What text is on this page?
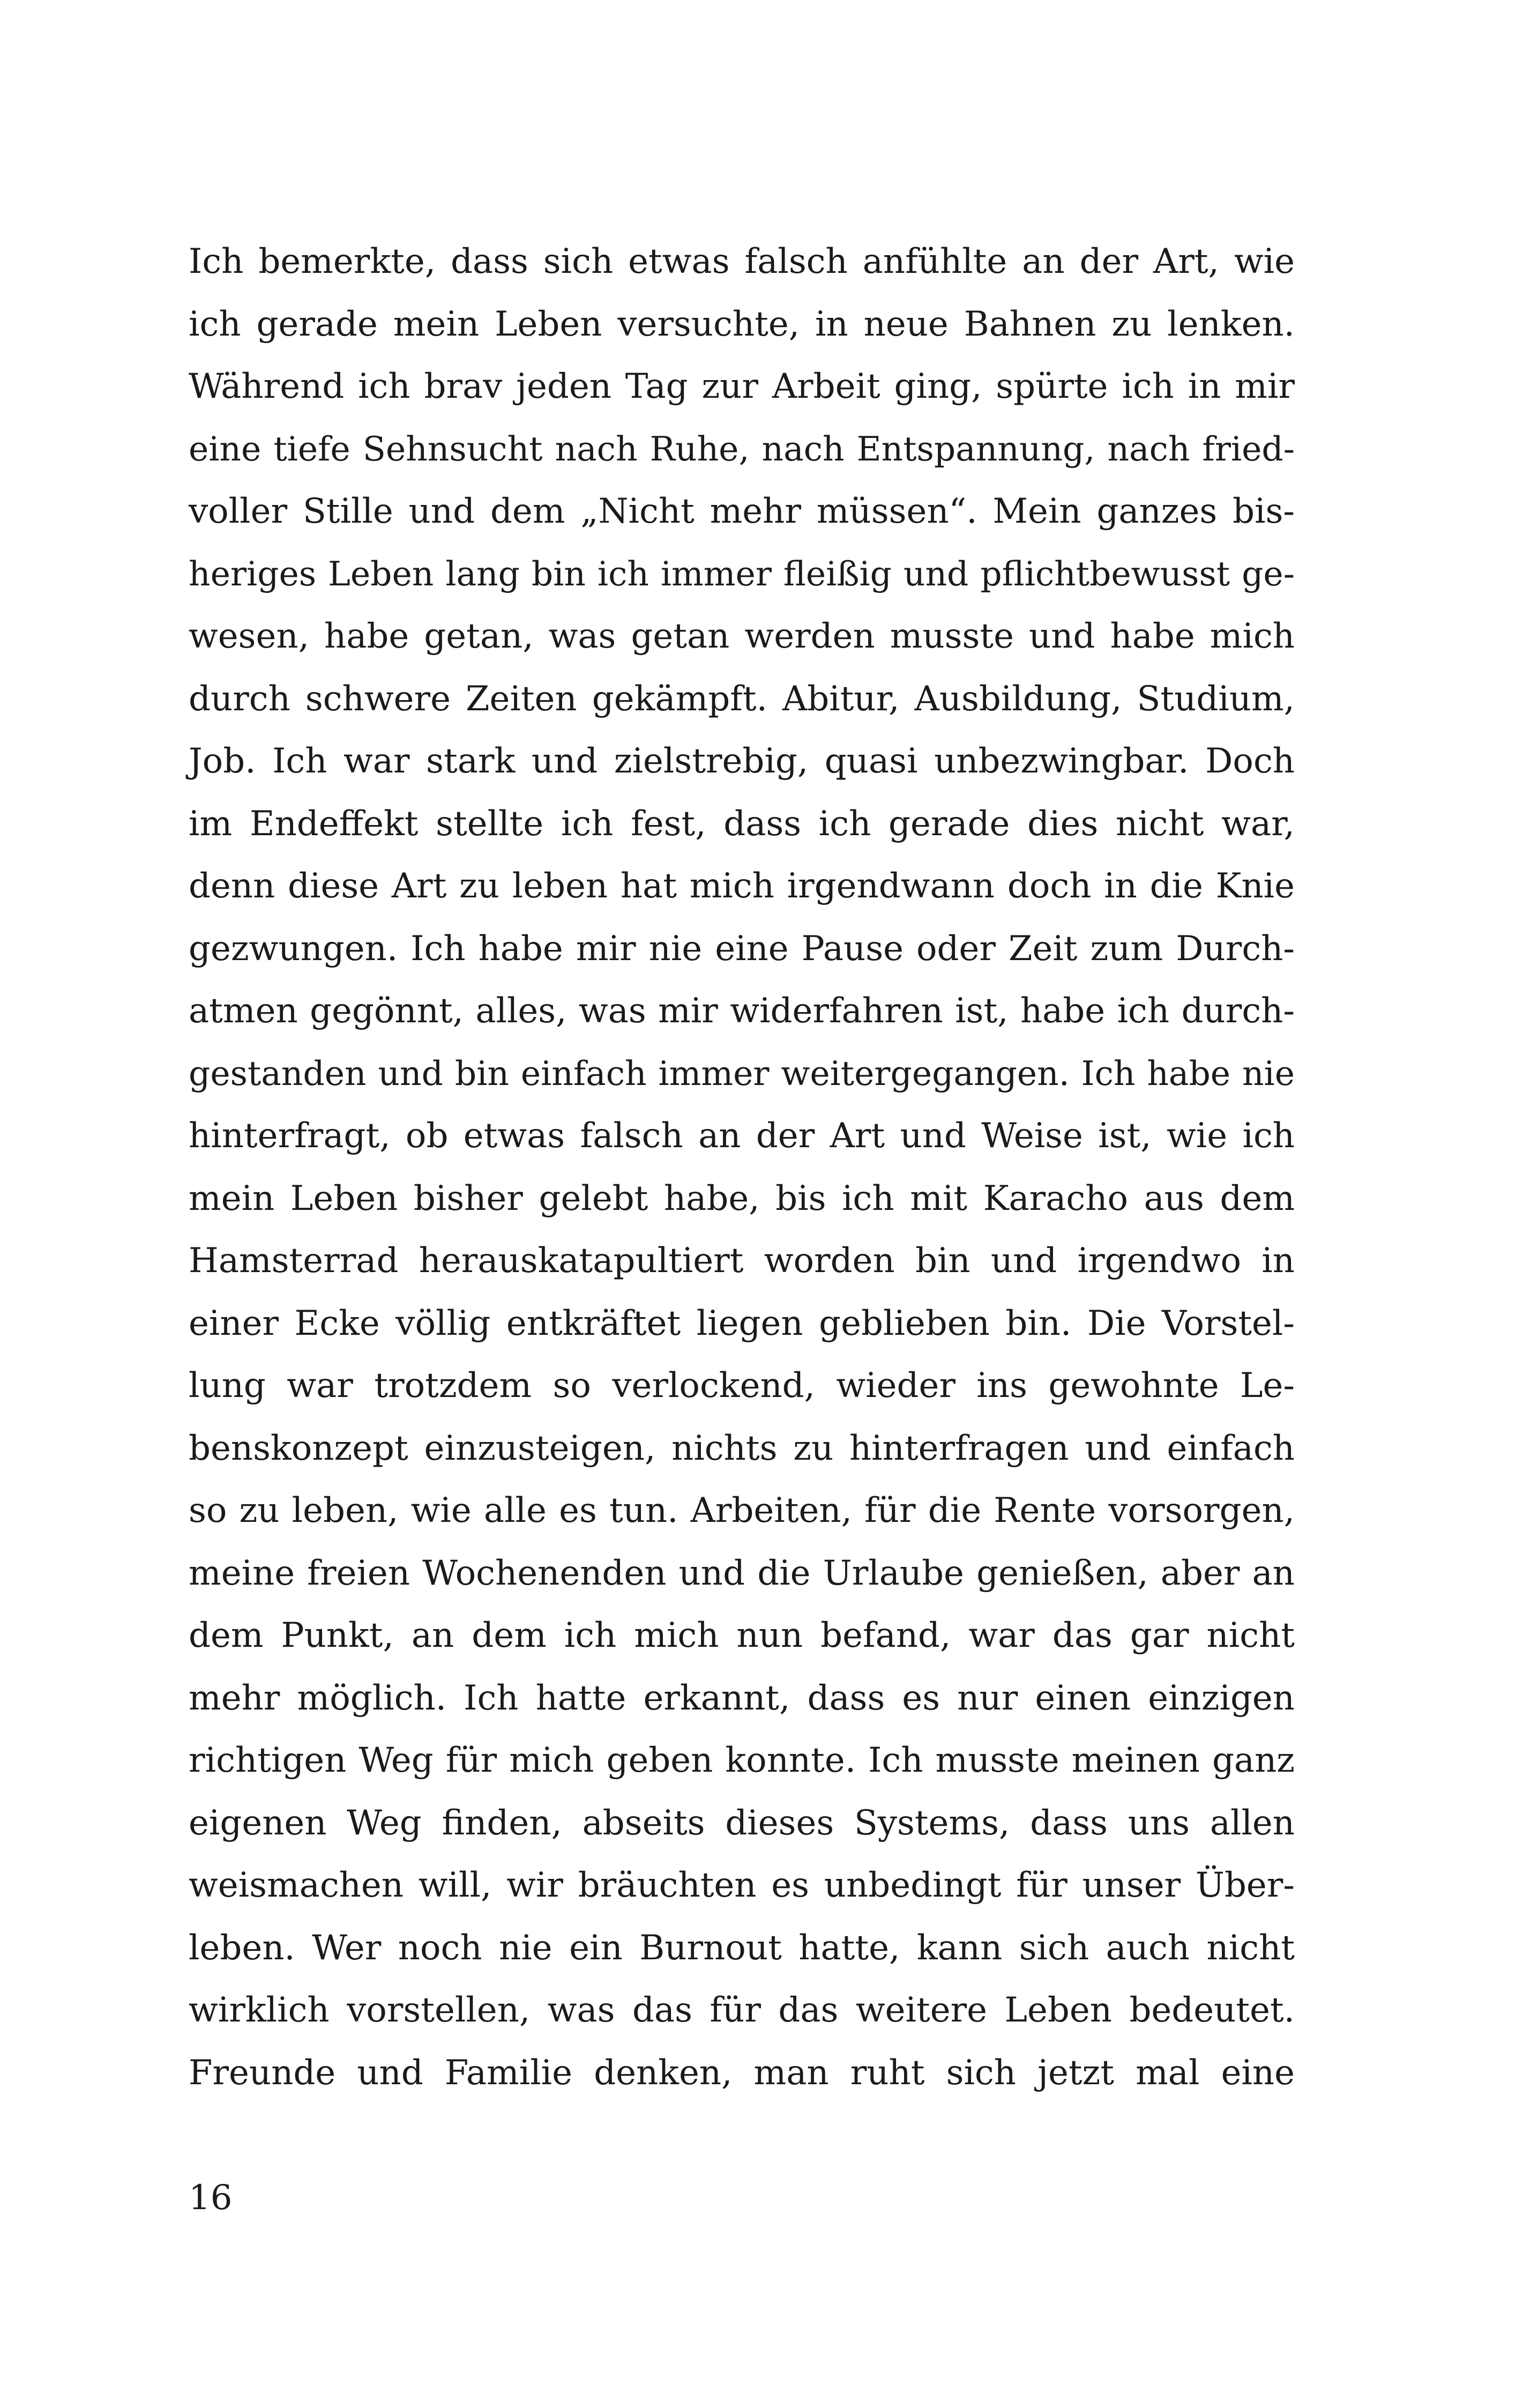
Ich bemerkte, dass sich etwas falsch anfühlte an der Art, wie
ich gerade mein Leben versuchte, in neue Bahnen zu lenken.
Während ich brav jeden Tag zur Arbeit ging, spürte ich in mir
eine tiefe Sehnsucht nach Ruhe, nach Entspannung, nach fried-
voller Stille und dem „Nicht mehr müssen“. Mein ganzes bis-
heriges Leben lang bin ich immer fleißig und pflichtbewusst ge-
wesen, habe getan, was getan werden musste und habe mich
durch schwere Zeiten gekämpft. Abitur, Ausbildung, Studium,
Job. Ich war stark und zielstrebig, quasi unbezwingbar. Doch
im Endeffekt stellte ich fest, dass ich gerade dies nicht war,
denn diese Art zu leben hat mich irgendwann doch in die Knie
gezwungen. Ich habe mir nie eine Pause oder Zeit zum Durch-
atmen gegönnt, alles, was mir widerfahren ist, habe ich durch-
gestanden und bin einfach immer weitergegangen. Ich habe nie
hinterfragt, ob etwas falsch an der Art und Weise ist, wie ich
mein Leben bisher gelebt habe, bis ich mit Karacho aus dem
Hamsterrad herauskatapultiert worden bin und irgendwo in
einer Ecke völlig entkräftet liegen geblieben bin. Die Vorstel-
lung war trotzdem so verlockend, wieder ins gewohnte Le-
benskonzept einzusteigen, nichts zu hinterfragen und einfach
so zu leben, wie alle es tun. Arbeiten, für die Rente vorsorgen,
meine freien Wochenenden und die Urlaube genießen, aber an
dem Punkt, an dem ich mich nun befand, war das gar nicht
mehr möglich. Ich hatte erkannt, dass es nur einen einzigen
richtigen Weg für mich geben konnte. Ich musste meinen ganz
eigenen Weg finden, abseits dieses Systems, dass uns allen
weismachen will, wir bräuchten es unbedingt für unser Über-
leben. Wer noch nie ein Burnout hatte, kann sich auch nicht
wirklich vorstellen, was das für das weitere Leben bedeutet.
Freunde und Familie denken, man ruht sich jetzt mal eine
16
